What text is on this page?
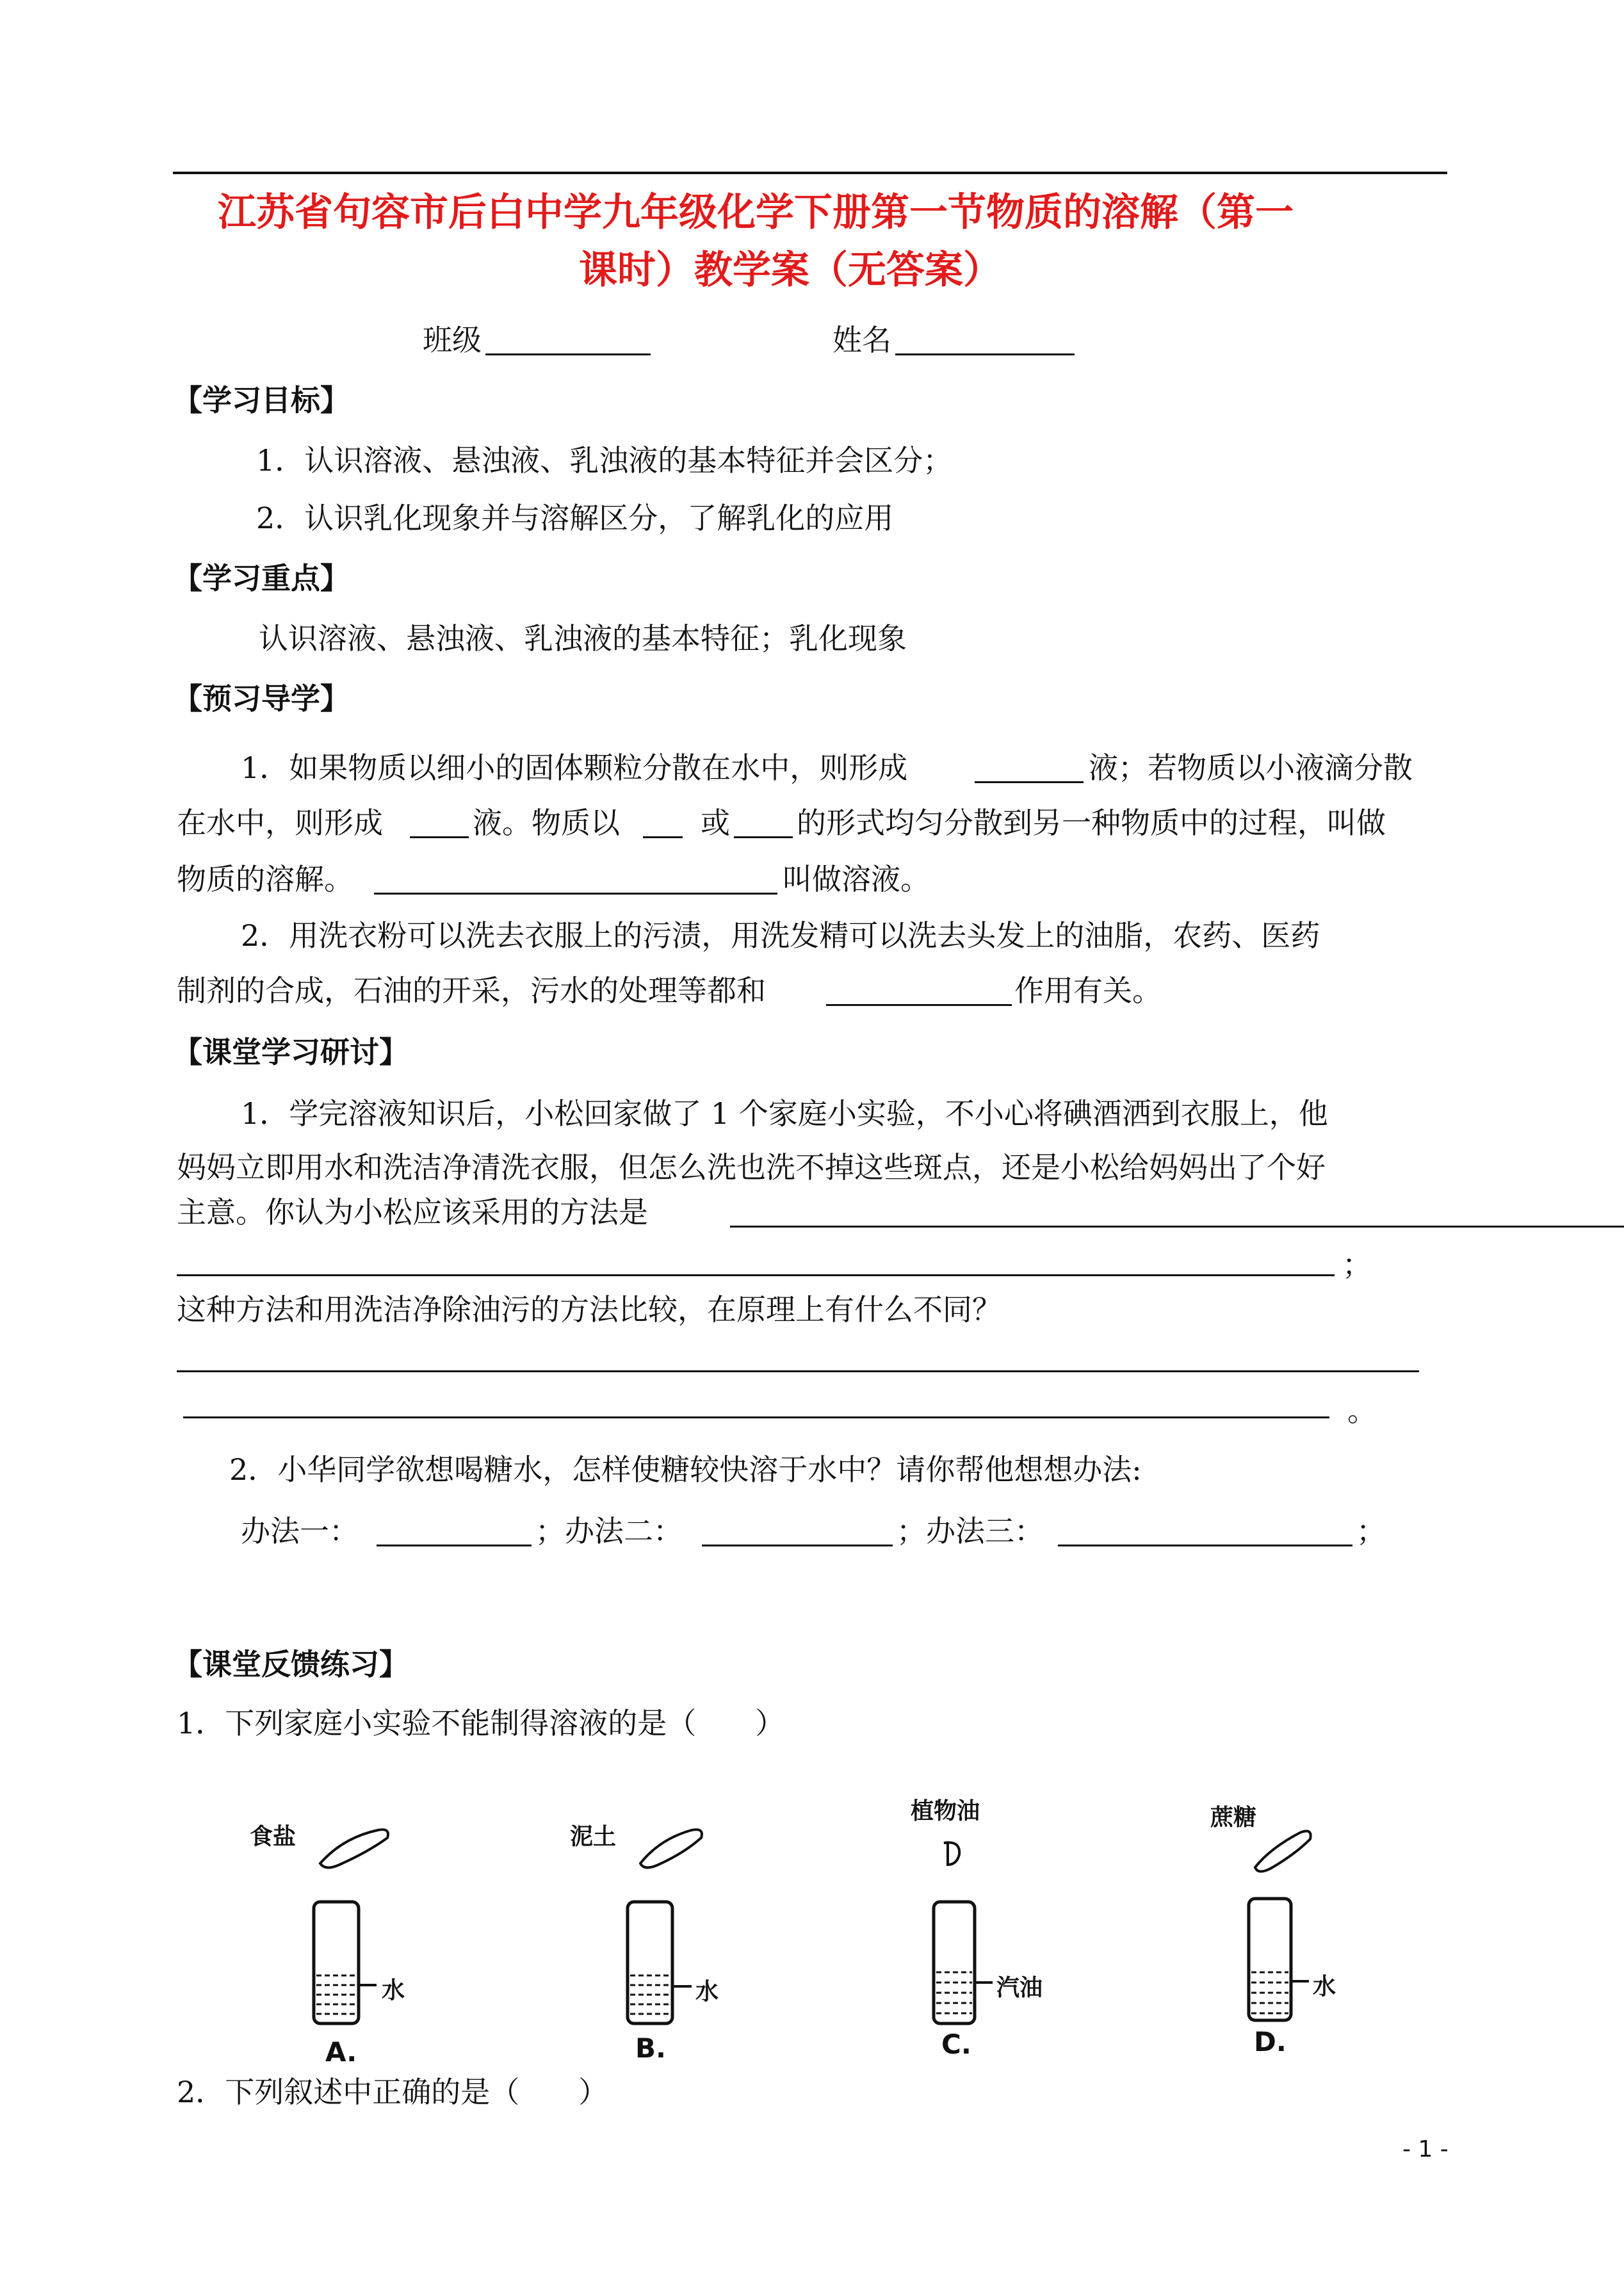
江苏省句容市后白中学九年级化学下册第一节物质的溶解（第一
课时）教学案（无答案）
班级	姓名
【学习目标】
1．认识溶液、悬浊液、乳浊液的基本特征并会区分；
2．认识乳化现象并与溶解区分，了解乳化的应用
【学习重点】
认识溶液、悬浊液、乳浊液的基本特征；乳化现象
【预习导学】
1．如果物质以细小的固体颗粒分散在水中，则形成	液；若物质以小液滴分散
在水中，则形成	液。物质以	或 的形式均匀分散到另一种物质中的过程，叫做
物质的溶解。	叫做溶液。
2．用洗衣粉可以洗去衣服上的污渍，用洗发精可以洗去头发上的油脂，农药、医药
制剂的合成，石油的开采，污水的处理等都和	作用有关。
【课堂学习研讨】
1．学完溶液知识后，小松回家做了 1 个家庭小实验，不小心将碘酒洒到衣服上，他
妈妈立即用水和洗洁净清洗衣服，但怎么洗也洗不掉这些斑点，还是小松给妈妈出了个好
主意。你认为小松应该采用的方法是
；
这种方法和用洗洁净除油污的方法比较，在原理上有什么不同？
。
2．小华同学欲想喝糖水，怎样使糖较快溶于水中？请你帮他想想办法:
办法一：	；办法二：	；办法三：	；
【课堂反馈练习】
1．下列家庭小实验不能制得溶液的是（　　）
食盐
水
A.
泥土
水
B.
植物油
汽油
C.
蔗糖
水
D.
2．下列叙述中正确的是（　　）
- 1 -
